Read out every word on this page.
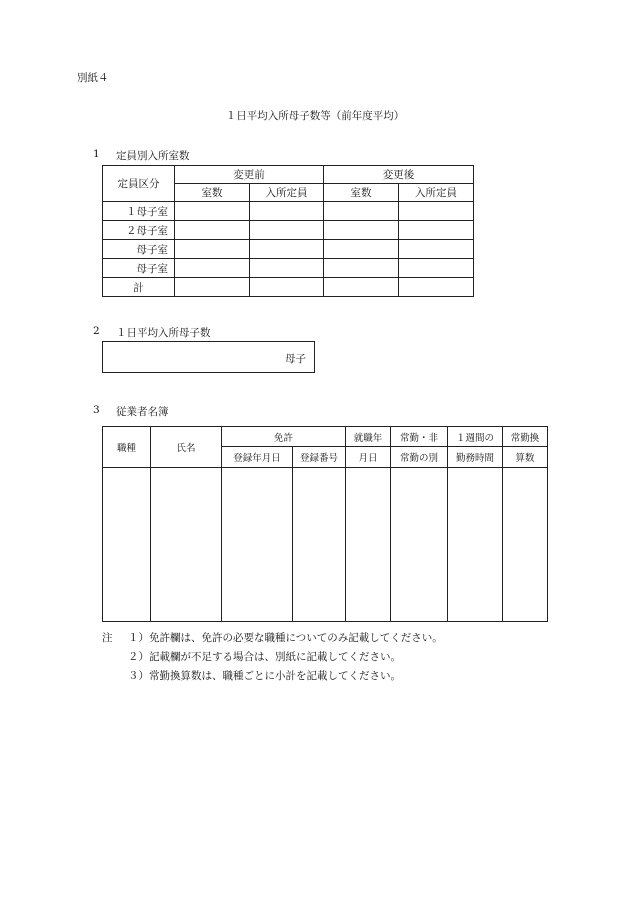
別紙４
１日平均入所母子数等（前年度平均）
1 定員別入所室数
定員区分	変更前		変更後	
	室数	入所定員	室数	入所定員
１母子室				
２母子室				
母子室				
母子室				
計				
2 １日平均入所母子数
母子
3 従業者名簿
職種	氏名	免許		就職年	常勤・非	１週間の	常勤換
		登録年月日	登録番号	月日	常勤の別	勤務時間	算数

注 １）免許欄は、免許の必要な職種についてのみ記載してください。
２）記載欄が不足する場合は、別紙に記載してください。
３）常勤換算数は、職種ごとに小計を記載してください。
